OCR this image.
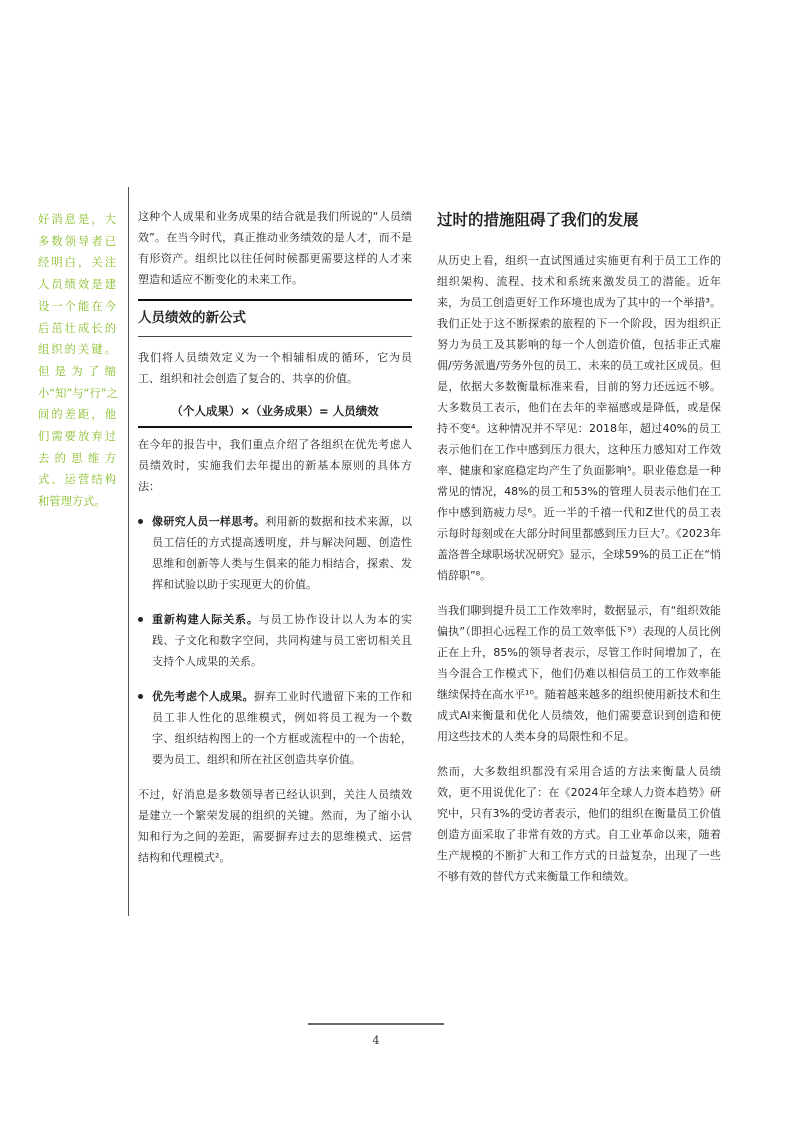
好消息是，大多数领导者已经明白，关注人员绩效是建设一个能在今后茁壮成长的组织的关键。但是为了缩小“知”与“行”之间的差距，他们需要放弃过去的思维方式、运营结构和管理方式。

这种个人成果和业务成果的结合就是我们所说的“人员绩效”。在当今时代，真正推动业务绩效的是人才，而不是有形资产。组织比以往任何时候都更需要这样的人才来塑造和适应不断变化的未来工作。

人员绩效的新公式

我们将人员绩效定义为一个相辅相成的循环，它为员工、组织和社会创造了复合的、共享的价值。

（个人成果）×（业务成果）= 人员绩效

在今年的报告中，我们重点介绍了各组织在优先考虑人员绩效时，实施我们去年提出的新基本原则的具体方法：

像研究人员一样思考。利用新的数据和技术来源，以员工信任的方式提高透明度，并与解决问题、创造性思维和创新等人类与生俱来的能力相结合，探索、发挥和试验以助于实现更大的价值。
重新构建人际关系。与员工协作设计以人为本的实践、子文化和数字空间，共同构建与员工密切相关且支持个人成果的关系。
优先考虑个人成果。摒弃工业时代遗留下来的工作和员工非人性化的思维模式，例如将员工视为一个数字、组织结构图上的一个方框或流程中的一个齿轮，要为员工、组织和所在社区创造共享价值。

不过，好消息是多数领导者已经认识到，关注人员绩效是建立一个繁荣发展的组织的关键。然而，为了缩小认知和行为之间的差距，需要摒弃过去的思维模式、运营结构和代理模式²。

过时的措施阻碍了我们的发展

从历史上看，组织一直试图通过实施更有利于员工工作的组织架构、流程、技术和系统来激发员工的潜能。近年来，为员工创造更好工作环境也成为了其中的一个举措³。我们正处于这不断探索的旅程的下一个阶段，因为组织正努力为员工及其影响的每一个人创造价值，包括非正式雇佣/劳务派遣/劳务外包的员工、未来的员工或社区成员。但是，依据大多数衡量标准来看，目前的努力还远远不够。大多数员工表示，他们在去年的幸福感或是降低，或是保持不变⁴。这种情况并不罕见：2018年，超过40%的员工表示他们在工作中感到压力很大，这种压力感知对工作效率、健康和家庭稳定均产生了负面影响⁵。职业倦怠是一种常见的情况，48%的员工和53%的管理人员表示他们在工作中感到筋疲力尽⁶。近一半的千禧一代和Z世代的员工表示每时每刻或在大部分时间里都感到压力巨大⁷。《2023年盖洛普全球职场状况研究》显示，全球59%的员工正在“悄悄辞职”⁸。

当我们聊到提升员工工作效率时，数据显示，有“组织效能偏执”（即担心远程工作的员工效率低下⁹）表现的人员比例正在上升，85%的领导者表示，尽管工作时间增加了，在当今混合工作模式下，他们仍难以相信员工的工作效率能继续保持在高水平¹⁰。随着越来越多的组织使用新技术和生成式AI来衡量和优化人员绩效，他们需要意识到创造和使用这些技术的人类本身的局限性和不足。

然而，大多数组织都没有采用合适的方法来衡量人员绩效，更不用说优化了：在《2024年全球人力资本趋势》研究中，只有3%的受访者表示，他们的组织在衡量员工价值创造方面采取了非常有效的方式。自工业革命以来，随着生产规模的不断扩大和工作方式的日益复杂，出现了一些不够有效的替代方式来衡量工作和绩效。

4
